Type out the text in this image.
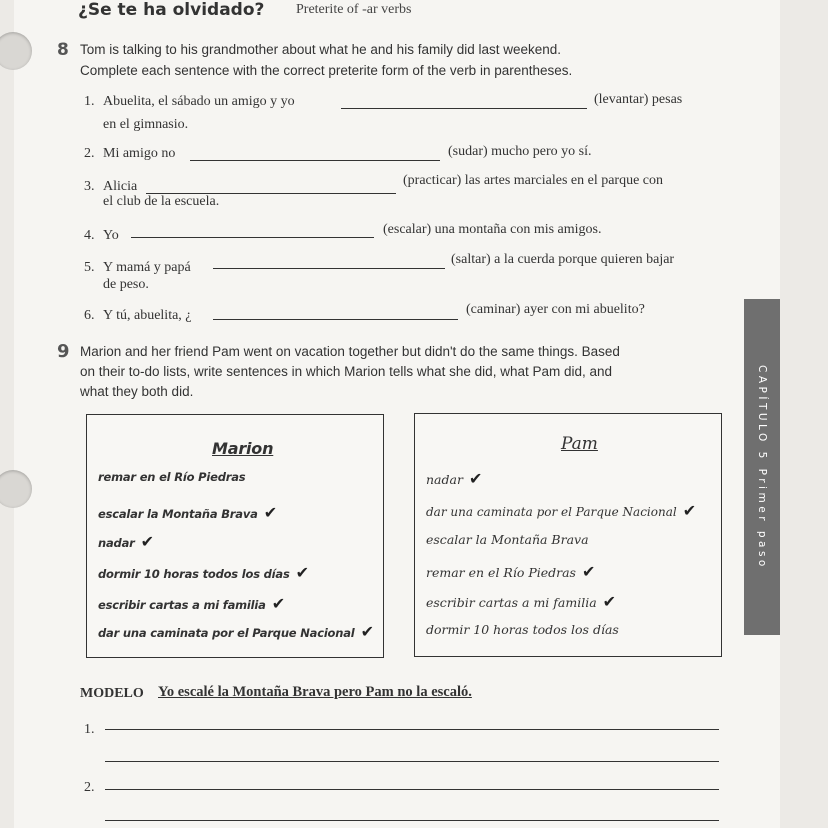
¿Se te ha olvidado? Preterite of -ar verbs
8 Tom is talking to his grandmother about what he and his family did last weekend.
Complete each sentence with the correct preterite form of the verb in parentheses.
1. Abuelita, el sábado un amigo y yo	(levantar) pesas
en el gimnasio.
2. Mi amigo no	(sudar) mucho pero yo sí.
3. Alicia	(practicar) las artes marciales en el parque con
el club de la escuela.
4. Yo	(escalar) una montaña con mis amigos.
5. Y mamá y papá
(saltar) a la cuerda porque quieren bajar
de peso.
6. Y tú, abuelita, ¿	(caminar) ayer con mi abuelito?
9 Marion and her friend Pam went on vacation together but didn't do the same things. Based
on their to-do lists, write sentences in which Marion tells what she did, what Pam did, and
what they both did.
Marion
remar en el Río Piedras
escalar la Montaña Brava ✔
nadar ✔
dormir 10 horas todos los días ✔
escribir cartas a mi familia ✔
dar una caminata por el Parque Nacional ✔
Pam
nadar ✔
dar una caminata por el Parque Nacional ✔
escalar la Montaña Brava
remar en el Río Piedras ✔
escribir cartas a mi familia ✔
dormir 10 horas todos los días
MODELO Yo escalé la Montaña Brava pero Pam no la escaló.
1.
2.
CAPÍTULO 5 Primer paso
